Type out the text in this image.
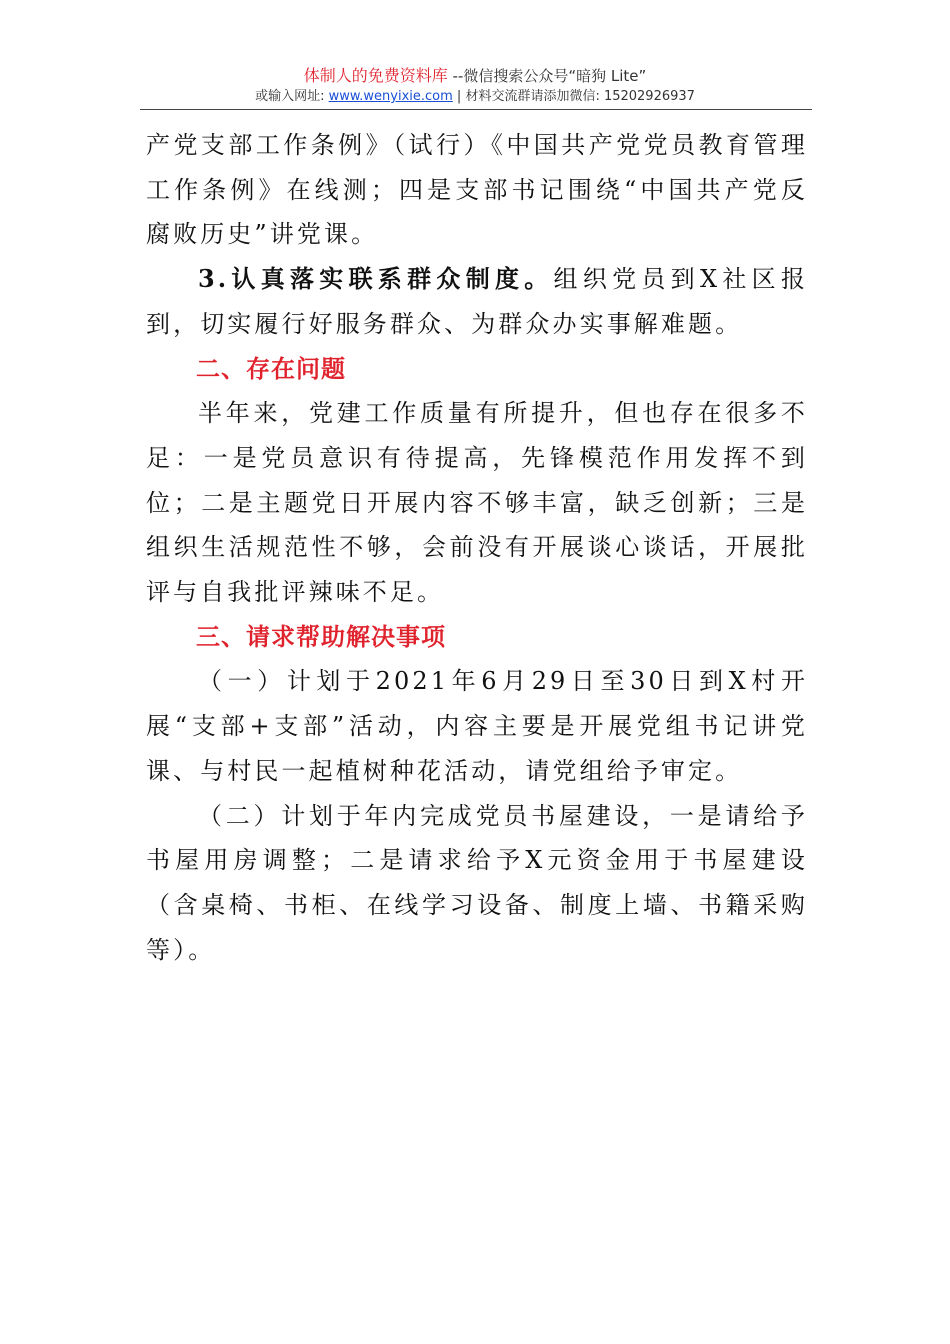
体制人的免费资料库 --微信搜索公众号“暗狗 Lite”
或输入网址: www.wenyixie.com | 材料交流群请添加微信: 15202926937

产党支部工作条例》（试行）《中国共产党党员教育管理工作条例》在线测；四是支部书记围绕“中国共产党反腐败历史”讲党课。

3.认真落实联系群众制度。组织党员到X社区报到，切实履行好服务群众、为群众办实事解难题。

二、存在问题

半年来，党建工作质量有所提升，但也存在很多不足：一是党员意识有待提高，先锋模范作用发挥不到位；二是主题党日开展内容不够丰富，缺乏创新；三是组织生活规范性不够，会前没有开展谈心谈话，开展批评与自我批评辣味不足。

三、请求帮助解决事项

（一）计划于2021年6月29日至30日到X村开展“支部+支部”活动，内容主要是开展党组书记讲党课、与村民一起植树种花活动，请党组给予审定。

（二）计划于年内完成党员书屋建设，一是请给予书屋用房调整；二是请求给予X元资金用于书屋建设（含桌椅、书柜、在线学习设备、制度上墙、书籍采购等）。
